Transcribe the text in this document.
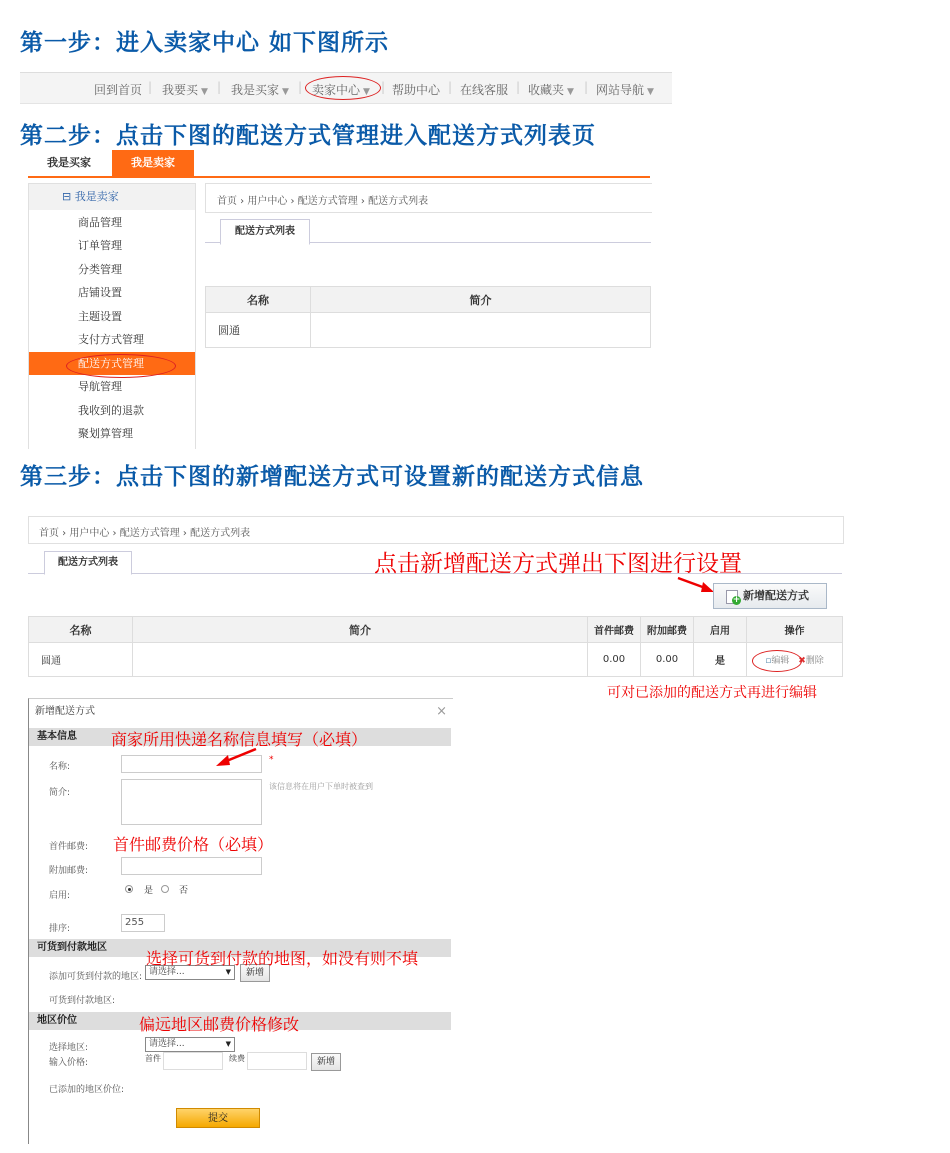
第一步：进入卖家中心 如下图所示
回到首页 | 我要买 ▼ | 我是买家 ▼ | 卖家中心 ▼ | 帮助中心 | 在线客服 | 收藏夹 ▼ | 网站导航 ▼
第二步：点击下图的配送方式管理进入配送方式列表页
我是买家	我是卖家
⊟ 我是卖家
商品管理
订单管理
分类管理
店铺设置
主题设置
支付方式管理
配送方式管理
导航管理
我收到的退款
聚划算管理
首页 › 用户中心 › 配送方式管理 › 配送方式列表
配送方式列表
名称	简介
圆通	
第三步：点击下图的新增配送方式可设置新的配送方式信息
首页 › 用户中心 › 配送方式管理 › 配送方式列表
配送方式列表	点击新增配送方式弹出下图进行设置
+ 新增配送方式
名称	简介	首件邮费	附加邮费	启用	操作
圆通		0.00	0.00	是	▫编辑 ✖删除
可对已添加的配送方式再进行编辑
新增配送方式	×
基本信息
名称:
*
简介:
该信息将在用户下单时被查到
首件邮费:
附加邮费:
启用:	是	否
排序:
255
可货到付款地区
添加可货到付款的地区: 请选择...	▼	新增
可货到付款地区:
地区价位
选择地区:	请选择...	▼
输入价格:	首件	续费	新增
已添加的地区价位:
提交
商家所用快递名称信息填写（必填）
首件邮费价格（必填）
选择可货到付款的地图，如没有则不填
偏远地区邮费价格修改
